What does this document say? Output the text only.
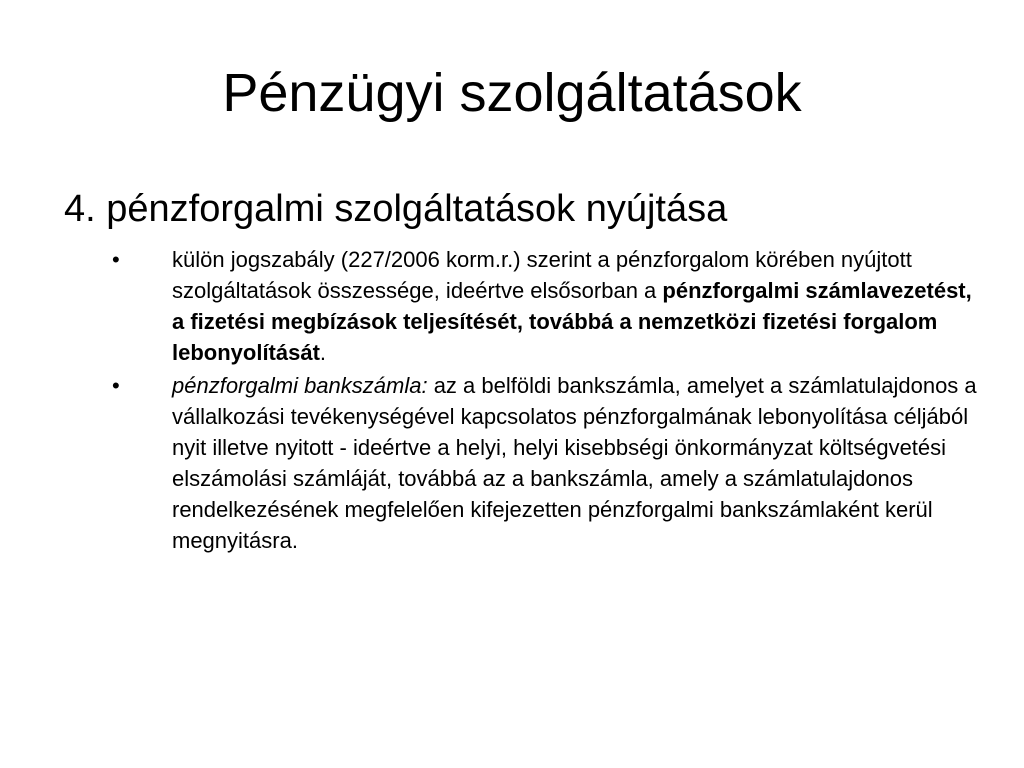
Pénzügyi szolgáltatások
4. pénzforgalmi szolgáltatások nyújtása
•	külön jogszabály (227/2006 korm.r.) szerint a pénzforgalom körében nyújtott szolgáltatások összessége, ideértve elsősorban a pénzforgalmi számlavezetést, a fizetési megbízások teljesítését, továbbá a nemzetközi fizetési forgalom lebonyolítását.
•	pénzforgalmi bankszámla: az a belföldi bankszámla, amelyet a számlatulajdonos a vállalkozási tevékenységével kapcsolatos pénzforgalmának lebonyolítása céljából nyit illetve nyitott - ideértve a helyi, helyi kisebbségi önkormányzat költségvetési elszámolási számláját, továbbá az a bankszámla, amely a számlatulajdonos rendelkezésének megfelelően kifejezetten pénzforgalmi bankszámlaként kerül megnyitásra.
